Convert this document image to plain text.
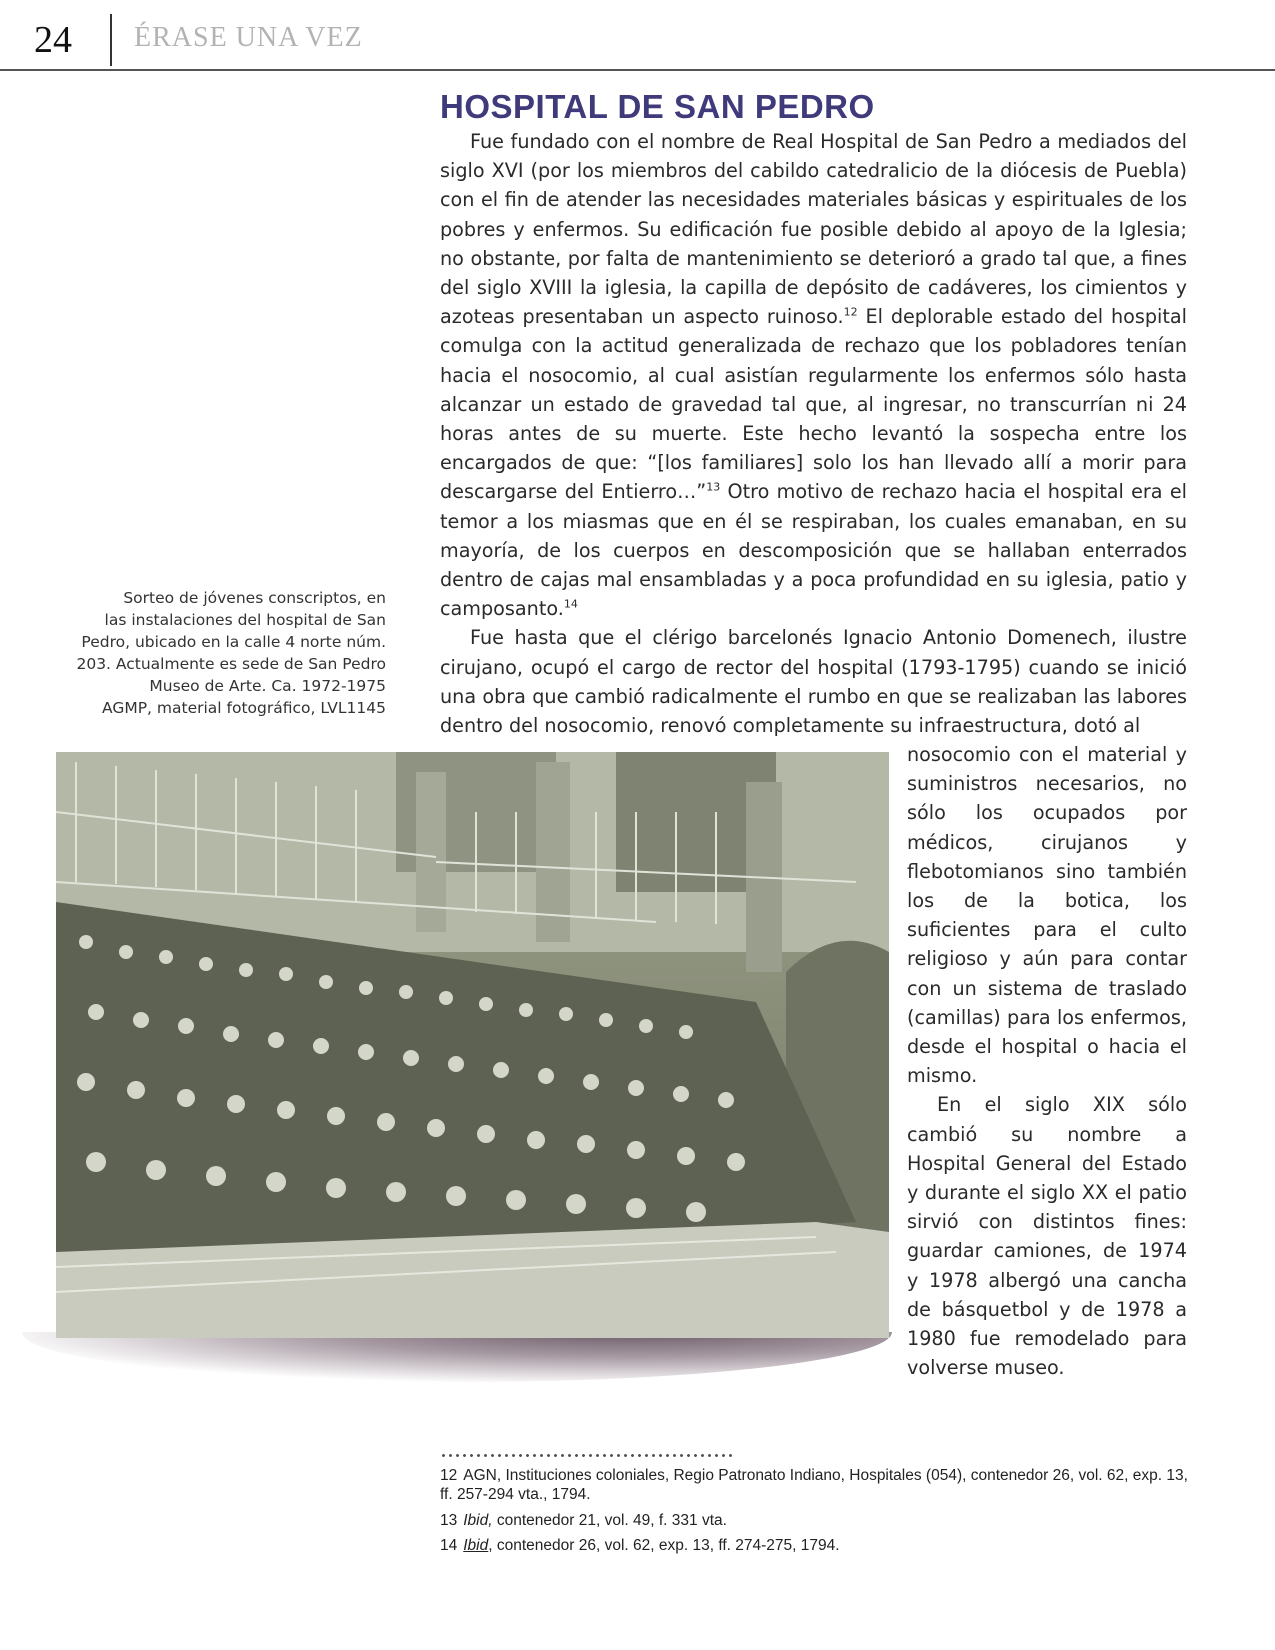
24 ÉRASE UNA VEZ
HOSPITAL DE SAN PEDRO

Fue fundado con el nombre de Real Hospital de San Pedro a mediados del siglo XVI (por los miembros del cabildo catedralicio de la diócesis de Puebla) con el fin de atender las necesidades materiales básicas y espirituales de los pobres y enfermos. Su edificación fue posible debido al apoyo de la Iglesia; no obstante, por falta de mantenimiento se deterioró a grado tal que, a fines del siglo XVIII la iglesia, la capilla de depósito de cadáveres, los cimientos y azoteas presentaban un aspecto ruinoso.$^{12}$ El deplorable estado del hospital comulga con la actitud generalizada de rechazo que los pobladores tenían hacia el nosocomio, al cual asistían regularmente los enfermos sólo hasta alcanzar un estado de gravedad tal que, al ingresar, no transcurrían ni 24 horas antes de su muerte. Este hecho levantó la sospecha entre los encargados de que: “[los familiares] solo los han llevado allí a morir para descargarse del Entierro…”$^{13}$ Otro motivo de rechazo hacia el hospital era el temor a los miasmas que en él se respiraban, los cuales emanaban, en su mayoría, de los cuerpos en descomposición que se hallaban enterrados dentro de cajas mal ensambladas y a poca profundidad en su iglesia, patio y camposanto.$^{14}$

Fue hasta que el clérigo barcelonés Ignacio Antonio Domenech, ilustre cirujano, ocupó el cargo de rector del hospital (1793-1795) cuando se inició una obra que cambió radicalmente el rumbo en que se realizaban las labores dentro del nosocomio, renovó completamente su infraestructura, dotó al

Sorteo de jóvenes conscriptos, en
las instalaciones del hospital de San
Pedro, ubicado en la calle 4 norte núm.
203. Actualmente es sede de San Pedro
Museo de Arte. Ca. 1972-1975
AGMP, material fotográfico, LVL1145

nosocomio con el material y suministros necesarios, no sólo los ocupados por médicos, cirujanos y flebotomianos sino también los de la botica, los suficientes para el culto religioso y aún para contar con un sistema de traslado (camillas) para los enfermos, desde el hospital o hacia el mismo.

En el siglo XIX sólo cambió su nombre a Hospital General del Estado y durante el siglo XX el patio sirvió con distintos fines: guardar camiones, de 1974 y 1978 albergó una cancha de básquetbol y de 1978 a 1980 fue remodelado para volverse museo.

12 AGN, Instituciones coloniales, Regio Patronato Indiano, Hospitales (054), contenedor 26, vol. 62, exp. 13, ff. 257-294 vta., 1794.
13 Ibid, contenedor 21, vol. 49, f. 331 vta.
14 Ibid, contenedor 26, vol. 62, exp. 13, ff. 274-275, 1794.
